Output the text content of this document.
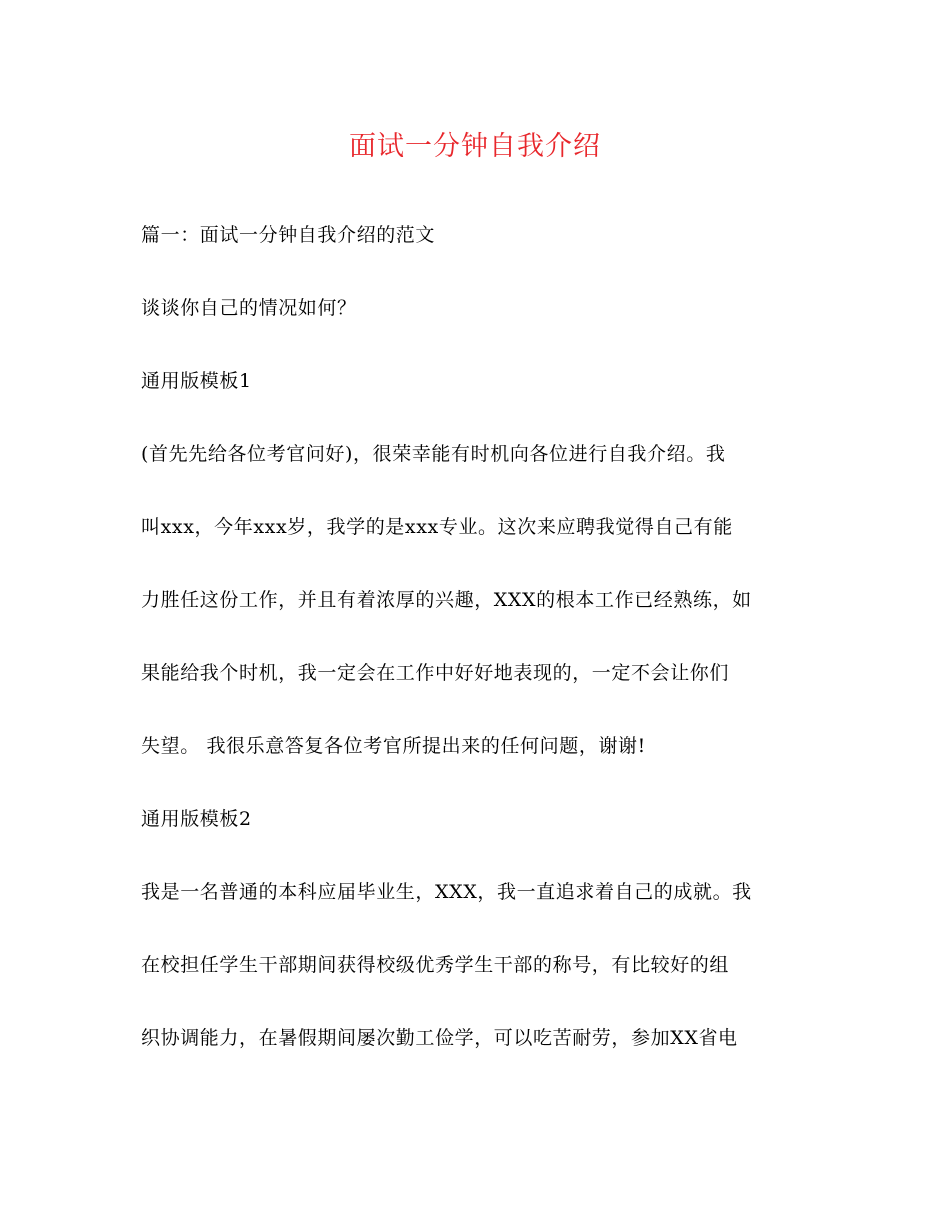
面试一分钟自我介绍
篇一：面试一分钟自我介绍的范文
谈谈你自己的情况如何？
通用版模板1
(首先先给各位考官问好)，很荣幸能有时机向各位进行自我介绍。我
叫xxx，今年xxx岁，我学的是xxx专业。这次来应聘我觉得自己有能
力胜任这份工作，并且有着浓厚的兴趣，XXX的根本工作已经熟练，如
果能给我个时机，我一定会在工作中好好地表现的，一定不会让你们
失望。 我很乐意答复各位考官所提出来的任何问题，谢谢!
通用版模板2
我是一名普通的本科应届毕业生，XXX，我一直追求着自己的成就。我
在校担任学生干部期间获得校级优秀学生干部的称号，有比较好的组
织协调能力，在暑假期间屡次勤工俭学，可以吃苦耐劳，参加XX省电
